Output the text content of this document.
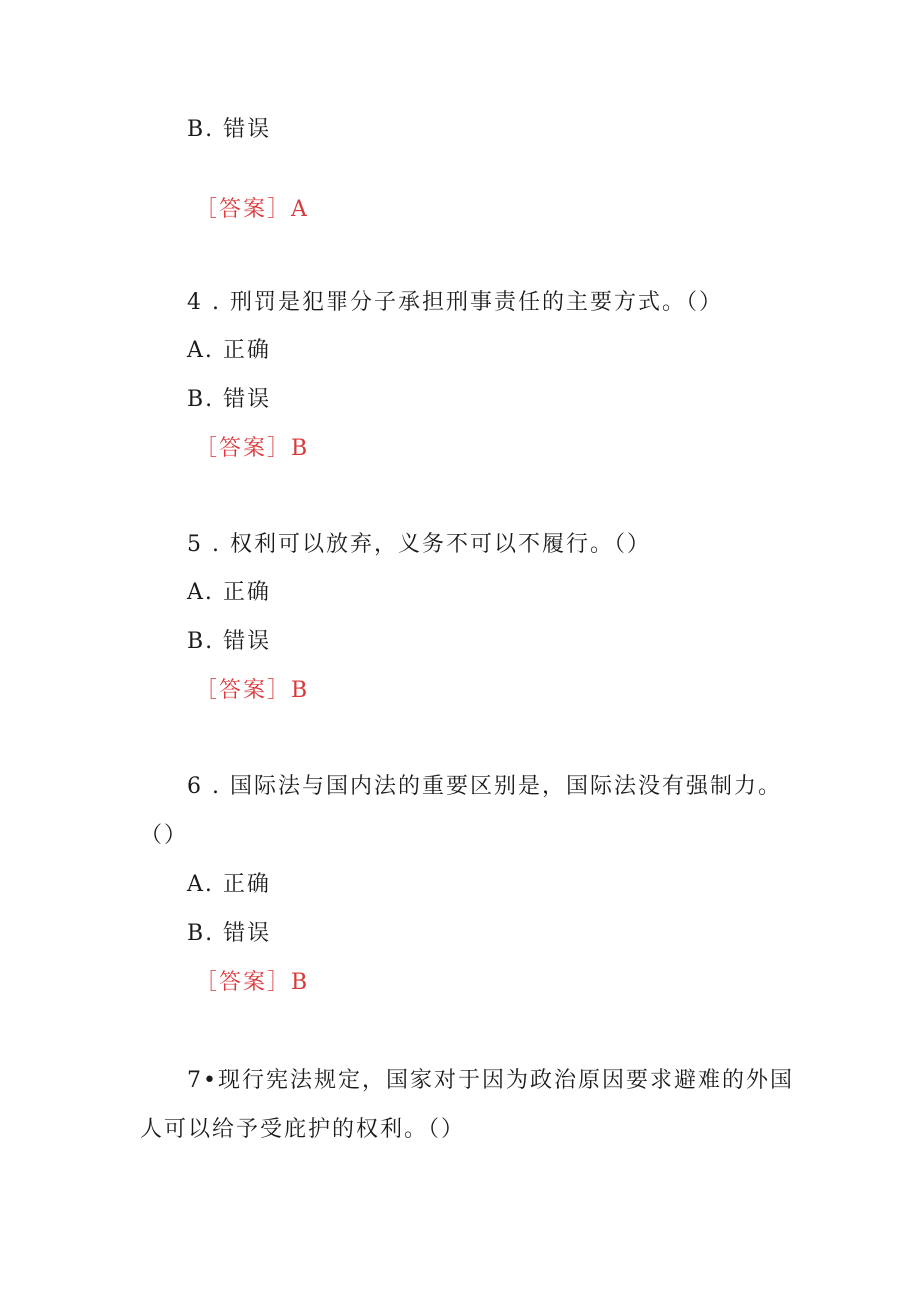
B. 错误
［答案］A
4 . 刑罚是犯罪分子承担刑事责任的主要方式。（）
A. 正确
B. 错误
［答案］B
5 . 权利可以放弃，义务不可以不履行。（）
A. 正确
B. 错误
［答案］B
6 . 国际法与国内法的重要区别是，国际法没有强制力。
（）
A. 正确
B. 错误
［答案］B
7•现行宪法规定，国家对于因为政治原因要求避难的外国
人可以给予受庇护的权利。（）
